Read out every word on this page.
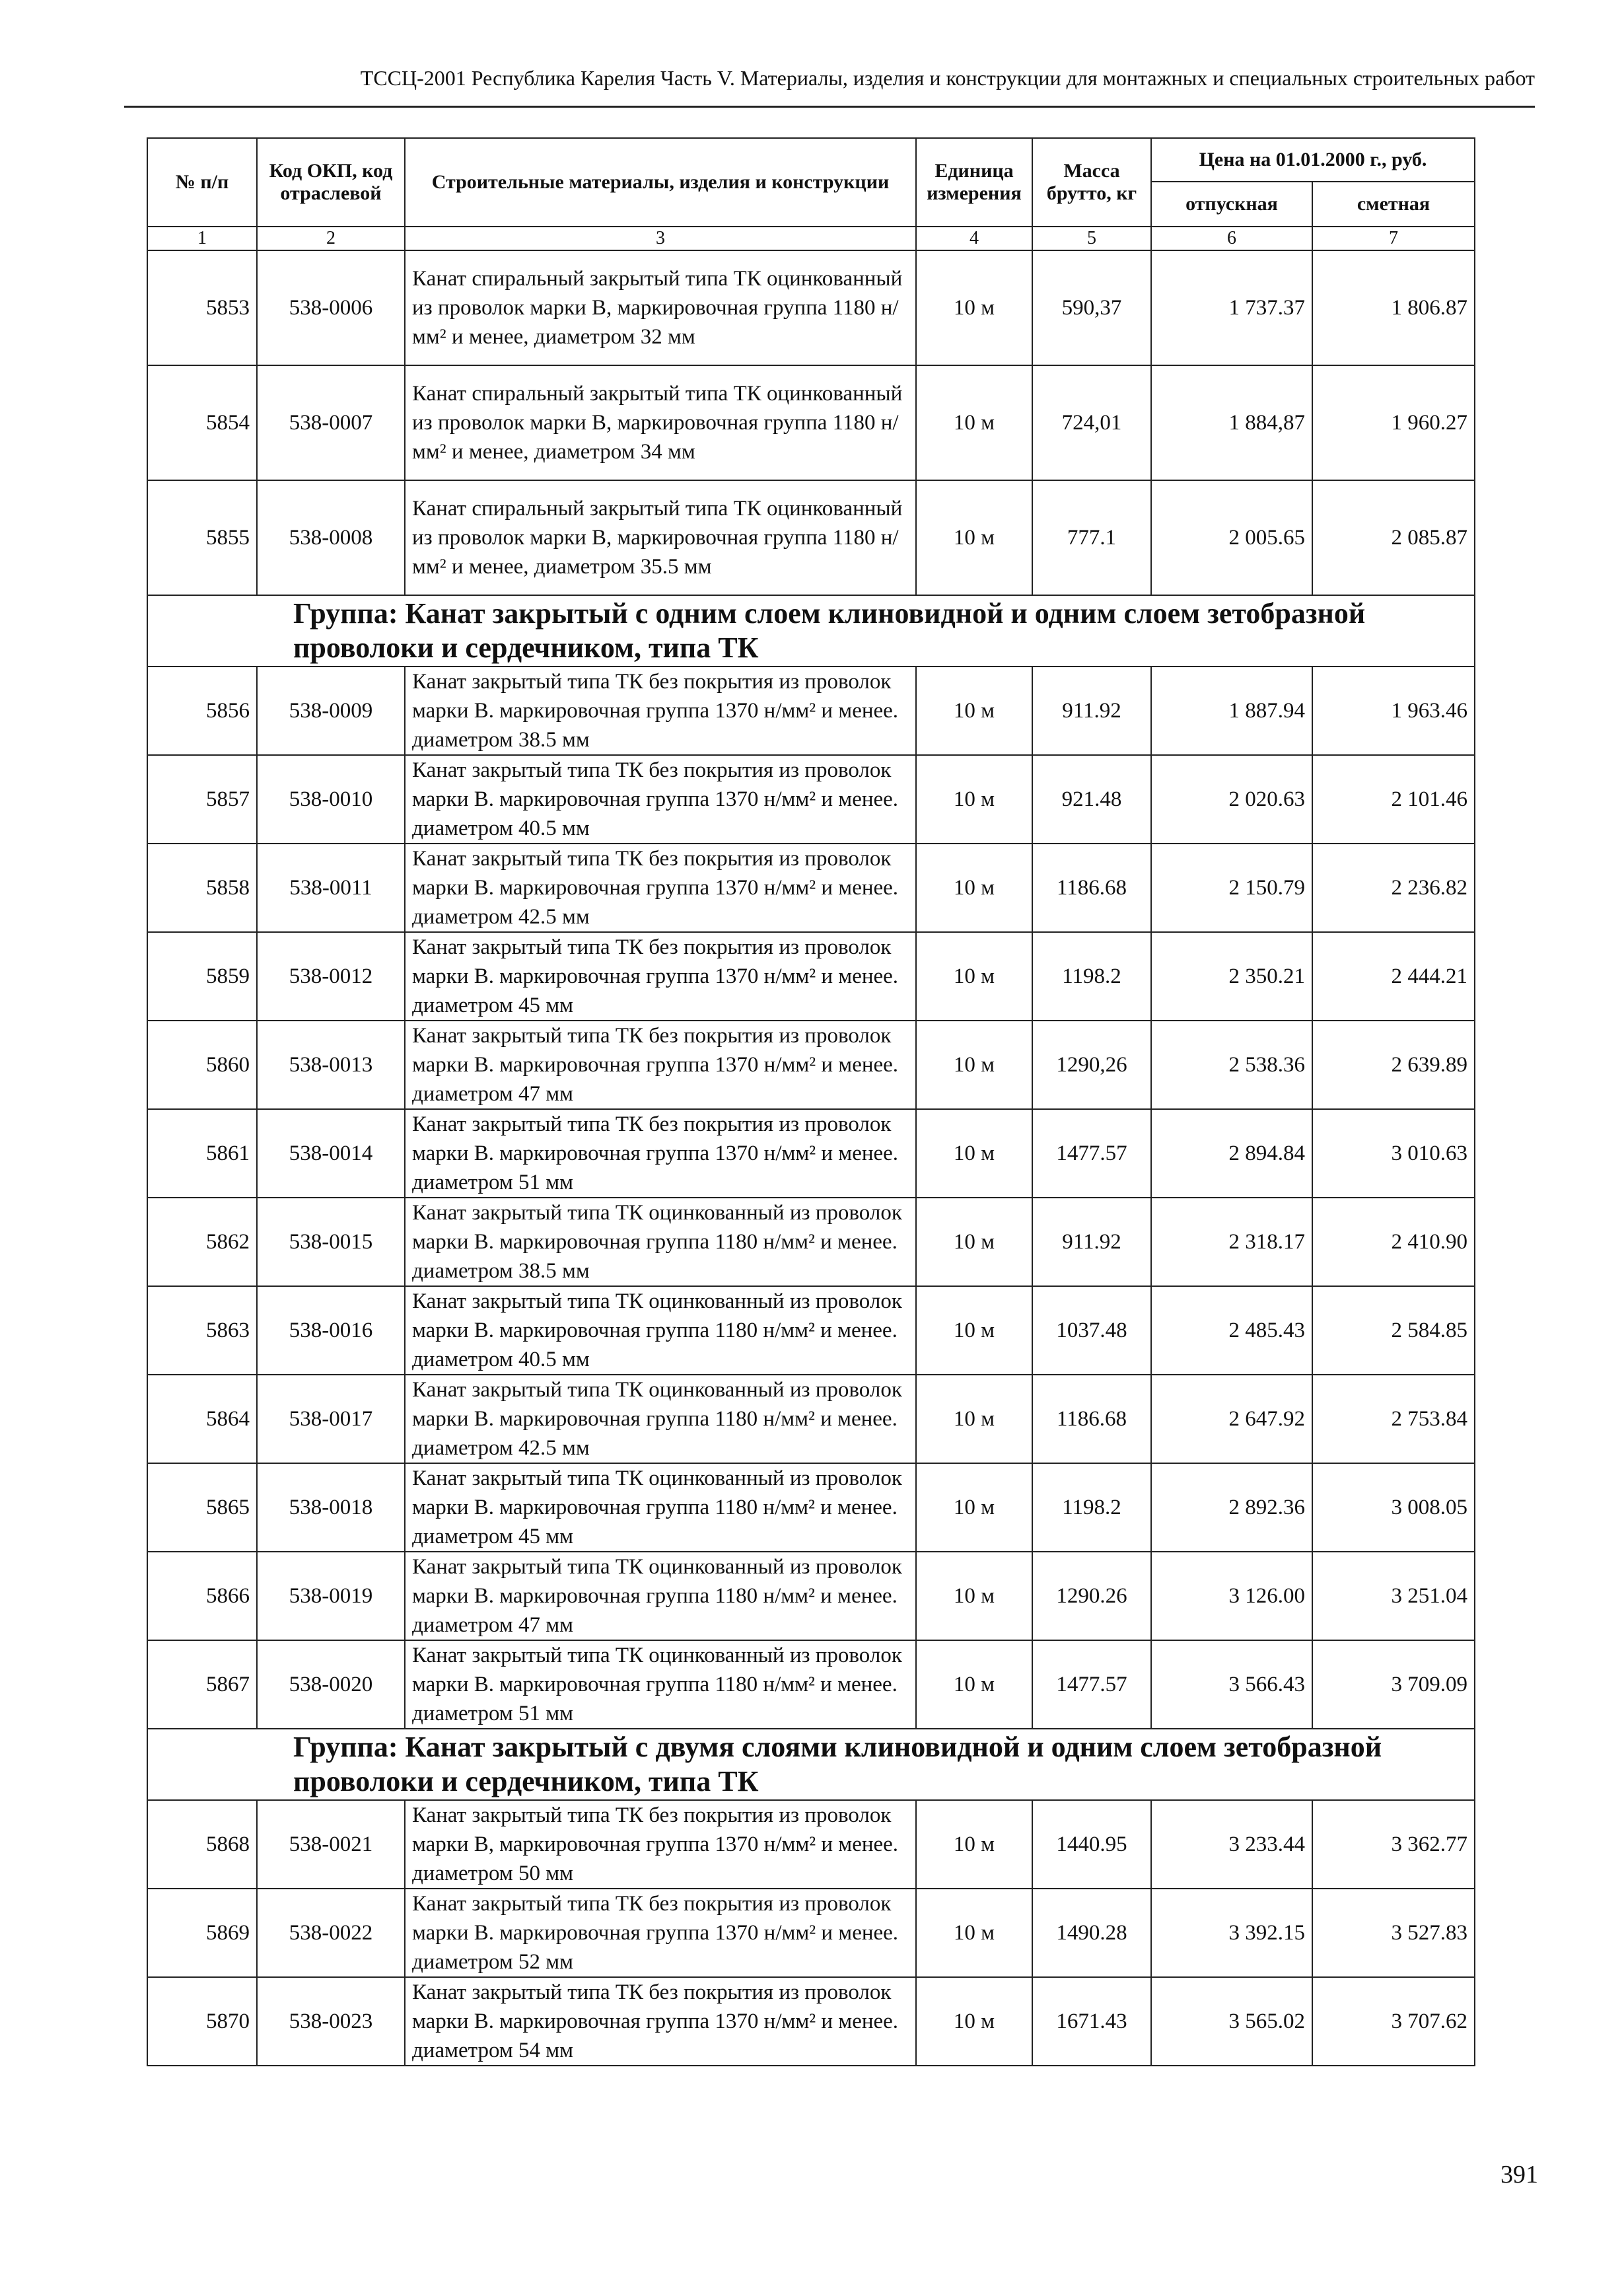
ТССЦ-2001 Республика Карелия Часть V. Материалы, изделия и конструкции для монтажных и специальных строительных работ
№ п/п	Код ОКП, код отраслевой	Строительные материалы, изделия и конструкции	Единица измерения	Масса брутто, кг	Цена на 01.01.2000 г., руб.	
					отпускная	сметная
1	2	3	4	5	6	7
5853	538-0006	Канат спиральный закрытый типа ТК оцинкованный из проволок марки В, маркировочная группа 1180 н/мм² и менее, диаметром 32 мм	10 м	590,37	1 737.37	1 806.87
5854	538-0007	Канат спиральный закрытый типа ТК оцинкованный из проволок марки В, маркировочная группа 1180 н/мм² и менее, диаметром 34 мм	10 м	724,01	1 884,87	1 960.27
5855	538-0008	Канат спиральный закрытый типа ТК оцинкованный из проволок марки В, маркировочная группа 1180 н/мм² и менее, диаметром 35.5 мм	10 м	777.1	2 005.65	2 085.87
Группа: Канат закрытый с одним слоем клиновидной и одним слоем зетобразной проволоки и сердечником, типа ТК						
5856	538-0009	Канат закрытый типа ТК без покрытия из проволок марки В. маркировочная группа 1370 н/мм² и менее. диаметром 38.5 мм	10 м	911.92	1 887.94	1 963.46
5857	538-0010	Канат закрытый типа ТК без покрытия из проволок марки В. маркировочная группа 1370 н/мм² и менее. диаметром 40.5 мм	10 м	921.48	2 020.63	2 101.46
5858	538-0011	Канат закрытый типа ТК без покрытия из проволок марки В. маркировочная группа 1370 н/мм² и менее. диаметром 42.5 мм	10 м	1186.68	2 150.79	2 236.82
5859	538-0012	Канат закрытый типа ТК без покрытия из проволок марки В. маркировочная группа 1370 н/мм² и менее. диаметром 45 мм	10 м	1198.2	2 350.21	2 444.21
5860	538-0013	Канат закрытый типа ТК без покрытия из проволок марки В. маркировочная группа 1370 н/мм² и менее. диаметром 47 мм	10 м	1290,26	2 538.36	2 639.89
5861	538-0014	Канат закрытый типа ТК без покрытия из проволок марки В. маркировочная группа 1370 н/мм² и менее. диаметром 51 мм	10 м	1477.57	2 894.84	3 010.63
5862	538-0015	Канат закрытый типа ТК оцинкованный из проволок марки В. маркировочная группа 1180 н/мм² и менее. диаметром 38.5 мм	10 м	911.92	2 318.17	2 410.90
5863	538-0016	Канат закрытый типа ТК оцинкованный из проволок марки В. маркировочная группа 1180 н/мм² и менее. диаметром 40.5 мм	10 м	1037.48	2 485.43	2 584.85
5864	538-0017	Канат закрытый типа ТК оцинкованный из проволок марки В. маркировочная группа 1180 н/мм² и менее. диаметром 42.5 мм	10 м	1186.68	2 647.92	2 753.84
5865	538-0018	Канат закрытый типа ТК оцинкованный из проволок марки В. маркировочная группа 1180 н/мм² и менее. диаметром 45 мм	10 м	1198.2	2 892.36	3 008.05
5866	538-0019	Канат закрытый типа ТК оцинкованный из проволок марки В. маркировочная группа 1180 н/мм² и менее. диаметром 47 мм	10 м	1290.26	3 126.00	3 251.04
5867	538-0020	Канат закрытый типа ТК оцинкованный из проволок марки В. маркировочная группа 1180 н/мм² и менее. диаметром 51 мм	10 м	1477.57	3 566.43	3 709.09
Группа: Канат закрытый с двумя слоями клиновидной и одним слоем зетобразной проволоки и сердечником, типа ТК						
5868	538-0021	Канат закрытый типа ТК без покрытия из проволок марки В, маркировочная группа 1370 н/мм² и менее. диаметром 50 мм	10 м	1440.95	3 233.44	3 362.77
5869	538-0022	Канат закрытый типа ТК без покрытия из проволок марки В. маркировочная группа 1370 н/мм² и менее. диаметром 52 мм	10 м	1490.28	3 392.15	3 527.83
5870	538-0023	Канат закрытый типа ТК без покрытия из проволок марки В. маркировочная группа 1370 н/мм² и менее. диаметром 54 мм	10 м	1671.43	3 565.02	3 707.62
391
